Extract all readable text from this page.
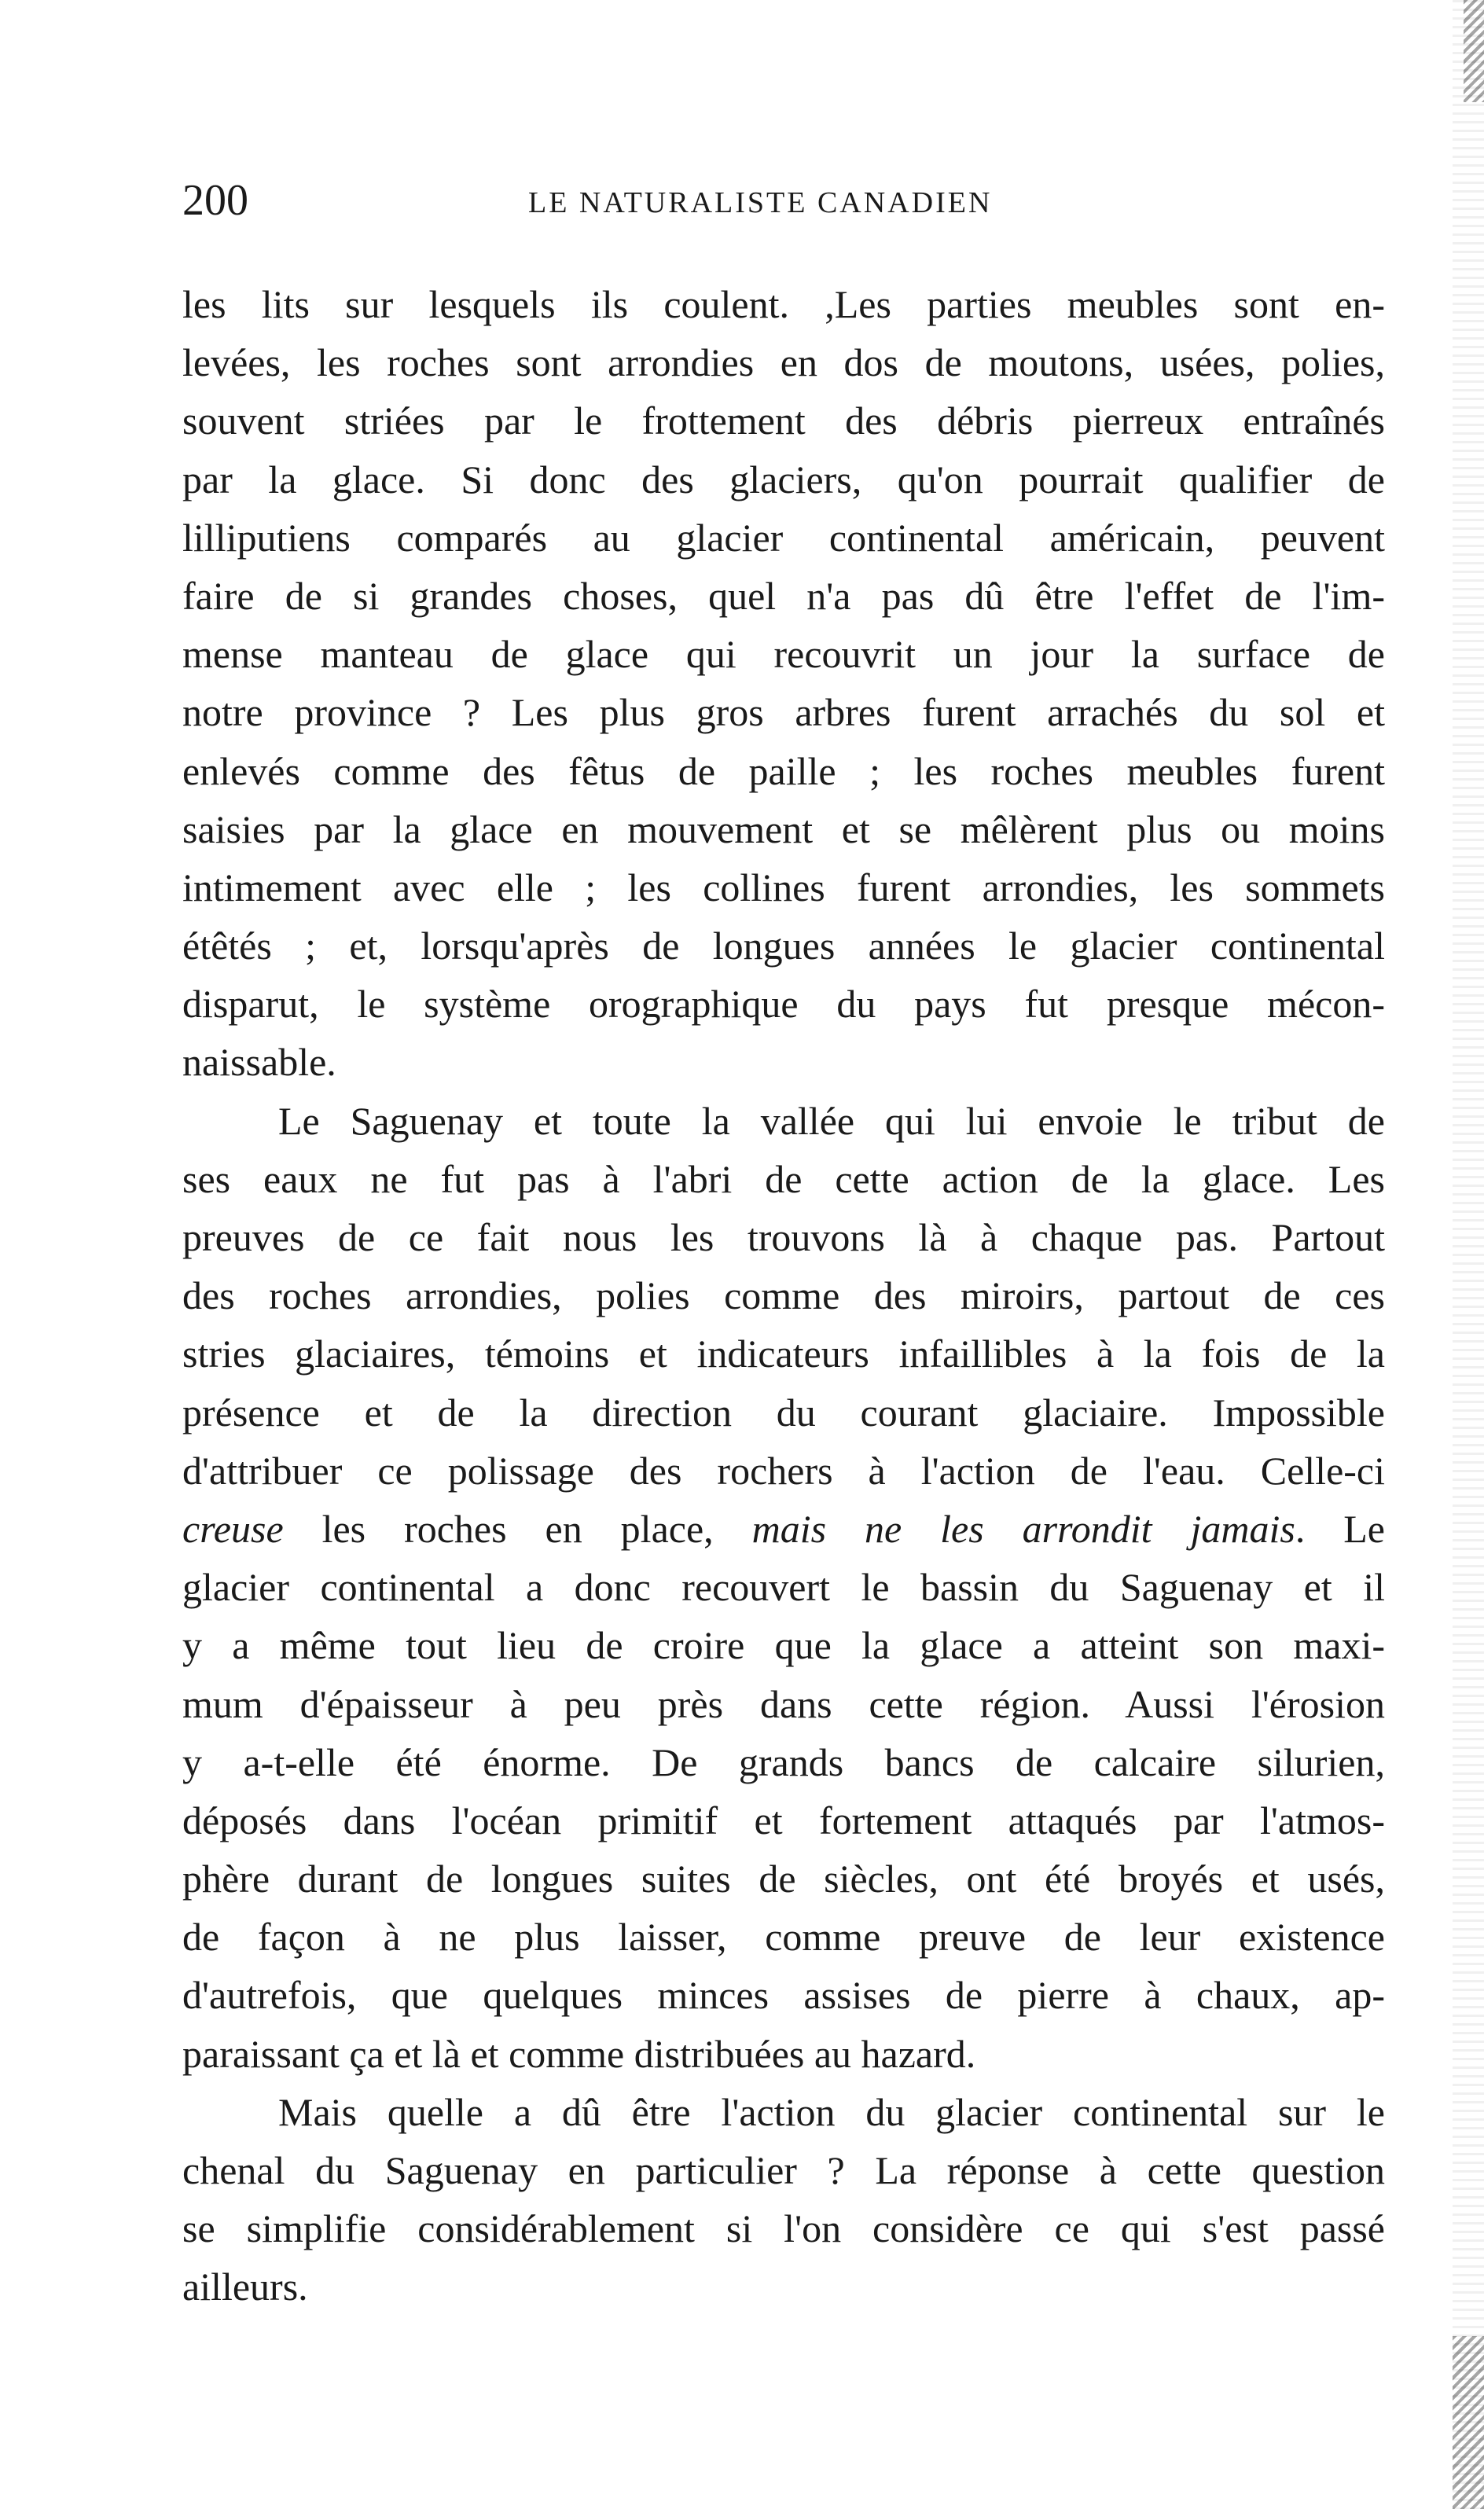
200	LE NATURALISTE CANADIEN
les lits sur lesquels ils coulent. ,Les parties meubles sont en-
levées, les roches sont arrondies en dos de moutons, usées, polies,
souvent striées par le frottement des débris pierreux entraînés
par la glace. Si donc des glaciers, qu'on pourrait qualifier de
lilliputiens comparés au glacier continental américain, peuvent
faire de si grandes choses, quel n'a pas dû être l'effet de l'im-
mense manteau de glace qui recouvrit un jour la surface de
notre province ? Les plus gros arbres furent arrachés du sol et
enlevés comme des fêtus de paille ; les roches meubles furent
saisies par la glace en mouvement et se mêlèrent plus ou moins
intimement avec elle ; les collines furent arrondies, les sommets
étêtés ; et, lorsqu'après de longues années le glacier continental
disparut, le système orographique du pays fut presque mécon-
naissable.
Le Saguenay et toute la vallée qui lui envoie le tribut de
ses eaux ne fut pas à l'abri de cette action de la glace. Les
preuves de ce fait nous les trouvons là à chaque pas. Partout
des roches arrondies, polies comme des miroirs, partout de ces
stries glaciaires, témoins et indicateurs infaillibles à la fois de la
présence et de la direction du courant glaciaire. Impossible
d'attribuer ce polissage des rochers à l'action de l'eau. Celle-ci
creuse les roches en place, mais ne les arrondit jamais. Le
glacier continental a donc recouvert le bassin du Saguenay et il
y a même tout lieu de croire que la glace a atteint son maxi-
mum d'épaisseur à peu près dans cette région. Aussi l'érosion
y a-t-elle été énorme. De grands bancs de calcaire silurien,
déposés dans l'océan primitif et fortement attaqués par l'atmos-
phère durant de longues suites de siècles, ont été broyés et usés,
de façon à ne plus laisser, comme preuve de leur existence
d'autrefois, que quelques minces assises de pierre à chaux, ap-
paraissant ça et là et comme distribuées au hazard.
Mais quelle a dû être l'action du glacier continental sur le
chenal du Saguenay en particulier ? La réponse à cette question
se simplifie considérablement si l'on considère ce qui s'est passé
ailleurs.
